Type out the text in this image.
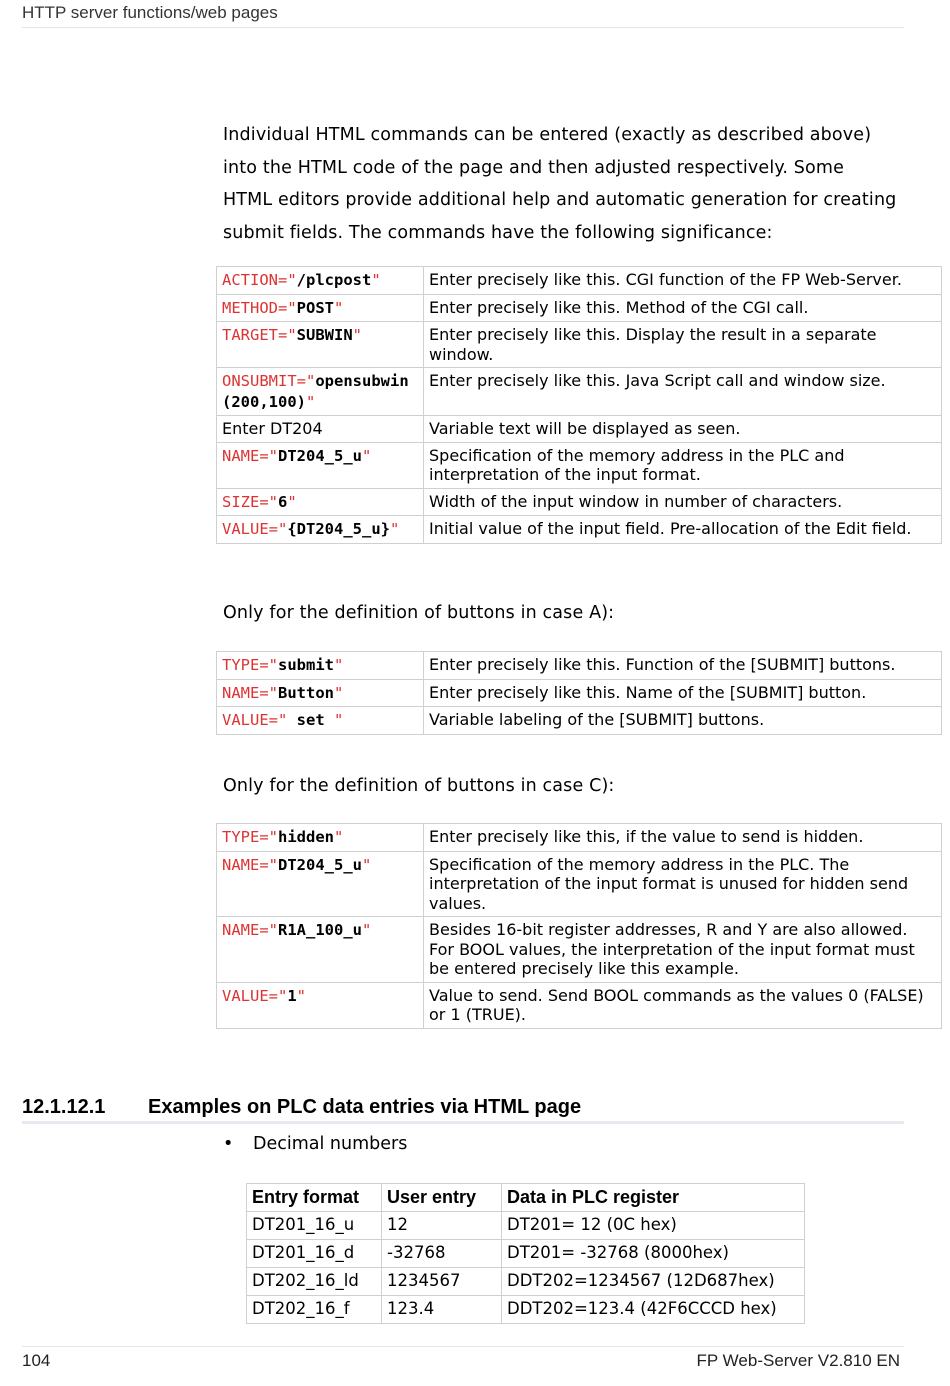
HTTP server functions/web pages
Individual HTML commands can be entered (exactly as described above)
into the HTML code of the page and then adjusted respectively. Some
HTML editors provide additional help and automatic generation for creating
submit fields. The commands have the following significance:
ACTION="/plcpost"	Enter precisely like this. CGI function of the FP Web-Server.
METHOD="POST"	Enter precisely like this. Method of the CGI call.
TARGET="SUBWIN"	Enter precisely like this. Display the result in a separate window.
ONSUBMIT="opensubwin(200,100)"	Enter precisely like this. Java Script call and window size.
Enter DT204	Variable text will be displayed as seen.
NAME="DT204_5_u"	Specification of the memory address in the PLC and interpretation of the input format.
SIZE="6"	Width of the input window in number of characters.
VALUE="{DT204_5_u}"	Initial value of the input field. Pre-allocation of the Edit field.
Only for the definition of buttons in case A):
TYPE="submit"	Enter precisely like this. Function of the [SUBMIT] buttons.
NAME="Button"	Enter precisely like this. Name of the [SUBMIT] button.
VALUE=" set "	Variable labeling of the [SUBMIT] buttons.
Only for the definition of buttons in case C):
TYPE="hidden"	Enter precisely like this, if the value to send is hidden.
NAME="DT204_5_u"	Specification of the memory address in the PLC. The interpretation of the input format is unused for hidden send values.
NAME="R1A_100_u"	Besides 16-bit register addresses, R and Y are also allowed. For BOOL values, the interpretation of the input format must be entered precisely like this example.
VALUE="1"	Value to send. Send BOOL commands as the values 0 (FALSE) or 1 (TRUE).
12.1.12.1 Examples on PLC data entries via HTML page
• Decimal numbers
Entry format	User entry	Data in PLC register
DT201_16_u	12	DT201= 12 (0C hex)
DT201_16_d	-32768	DT201= -32768 (8000hex)
DT202_16_ld	1234567	DDT202=1234567 (12D687hex)
DT202_16_f	123.4	DDT202=123.4 (42F6CCCD hex)
104	FP Web-Server V2.810 EN
